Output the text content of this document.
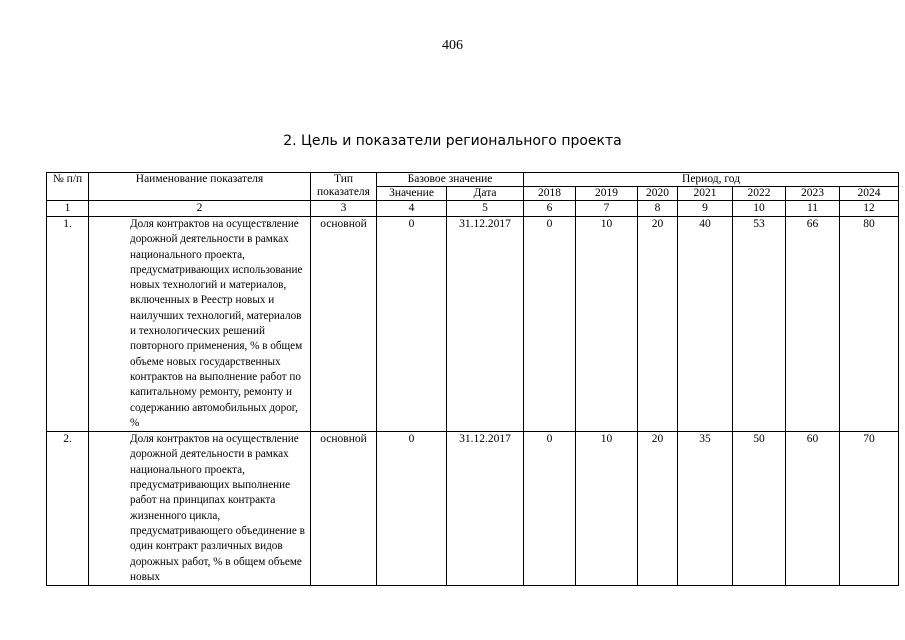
406
2. Цель и показатели регионального проекта
№ п/п	Наименование показателя	Тип показателя	Базовое значение		Период, год						
			Значение	Дата	2018	2019	2020	2021	2022	2023	2024
1	2	3	4	5	6	7	8	9	10	11	12
1.	Доля контрактов на осуществление дорожной деятельности в рамках национального проекта, предусматривающих использование новых технологий и материалов, включенных в Реестр новых и наилучших технологий, материалов и технологических решений повторного применения, % в общем объеме новых государственных контрактов на выполнение работ по капитальному ремонту, ремонту и содержанию автомобильных дорог, %	основной	0	31.12.2017	0	10	20	40	53	66	80
2.	Доля контрактов на осуществление дорожной деятельности в рамках национального проекта, предусматривающих выполнение работ на принципах контракта жизненного цикла, предусматривающего объединение в один контракт различных видов дорожных работ, % в общем объеме новых	основной	0	31.12.2017	0	10	20	35	50	60	70
